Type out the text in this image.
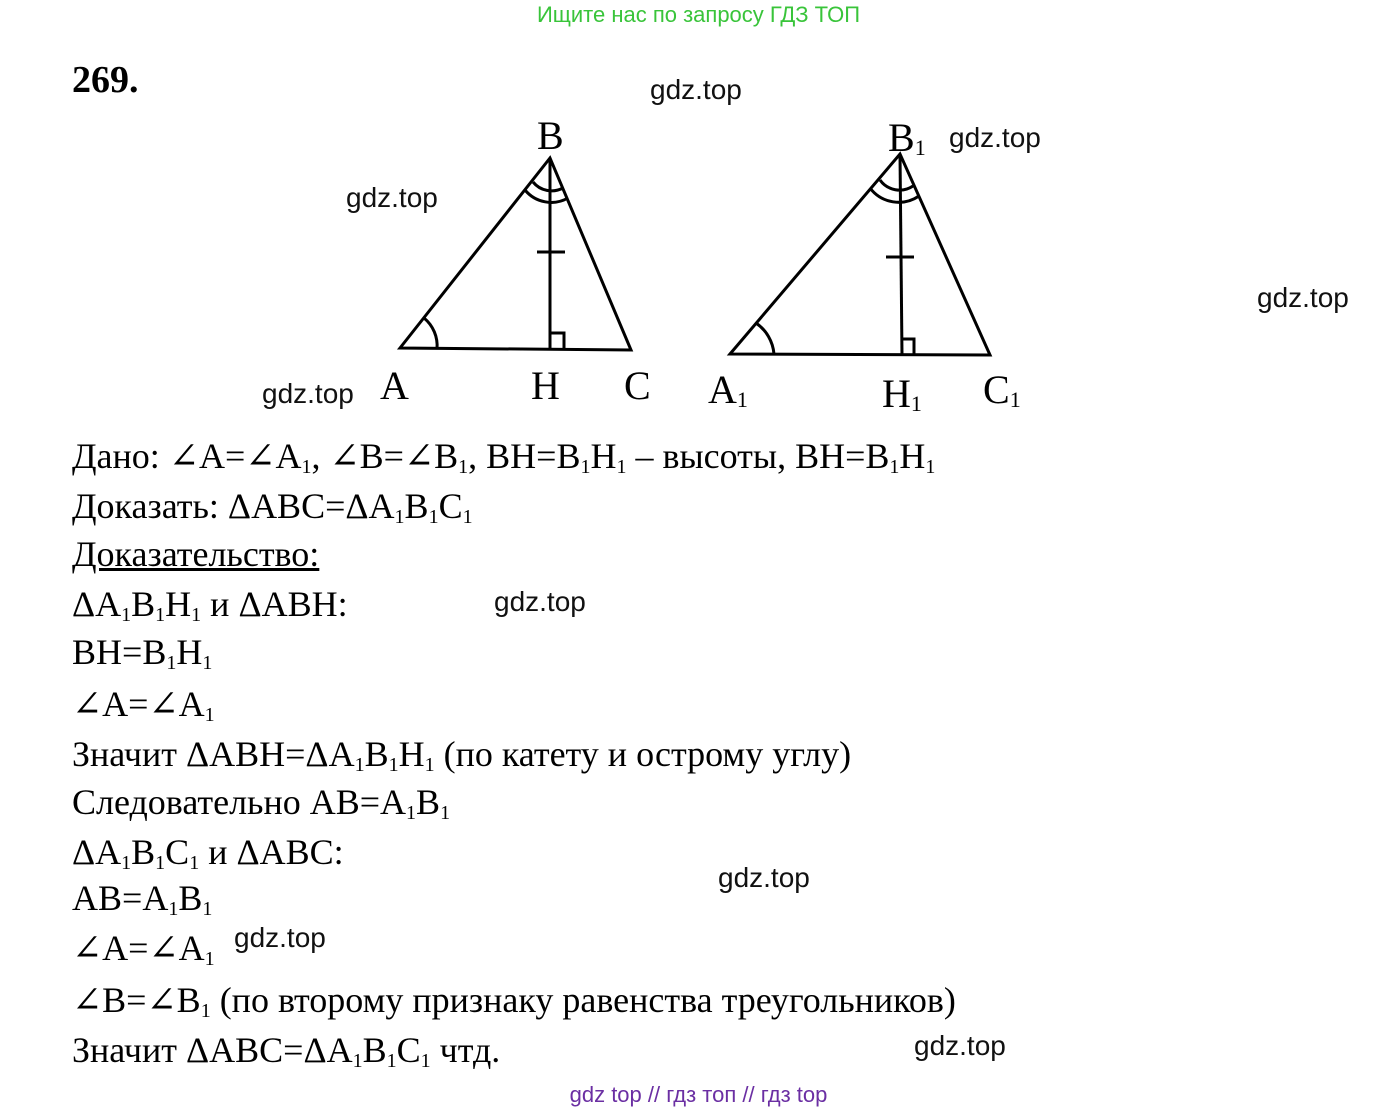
Ищите нас по запросу ГДЗ ТОП
269.	gdz.top
gdz.top
gdz.top
gdz.top
gdz.top
gdz.top
gdz.top
gdz.top
gdz.top
B
A	H C
$B_1$
$A_1$	$H_1$ $C_1$
Дано: $\angle A=\angle A_1$, $\angle B=\angle B_1$, $BH=B_1H_1$ – высоты, $BH=B_1H_1$
Доказать: $\Delta ABC=\Delta A_1B_1C_1$
Доказательство:
$\Delta A_1B_1H_1$ и ΔABH:
$BH=B_1H_1$
$\angle A=\angle A_1$
Значит $\Delta ABH=\Delta A_1B_1H_1$ (по катету и острому углу)
Следовательно $AB=A_1B_1$
$\Delta A_1B_1C_1$ и ΔABC:
$AB=A_1B_1$
$\angle A=\angle A_1$
$\angle B=\angle B_1$ (по второму признаку равенства треугольников)
Значит $\Delta ABC=\Delta A_1B_1C_1$ чтд.
gdz top // гдз топ // гдз top
